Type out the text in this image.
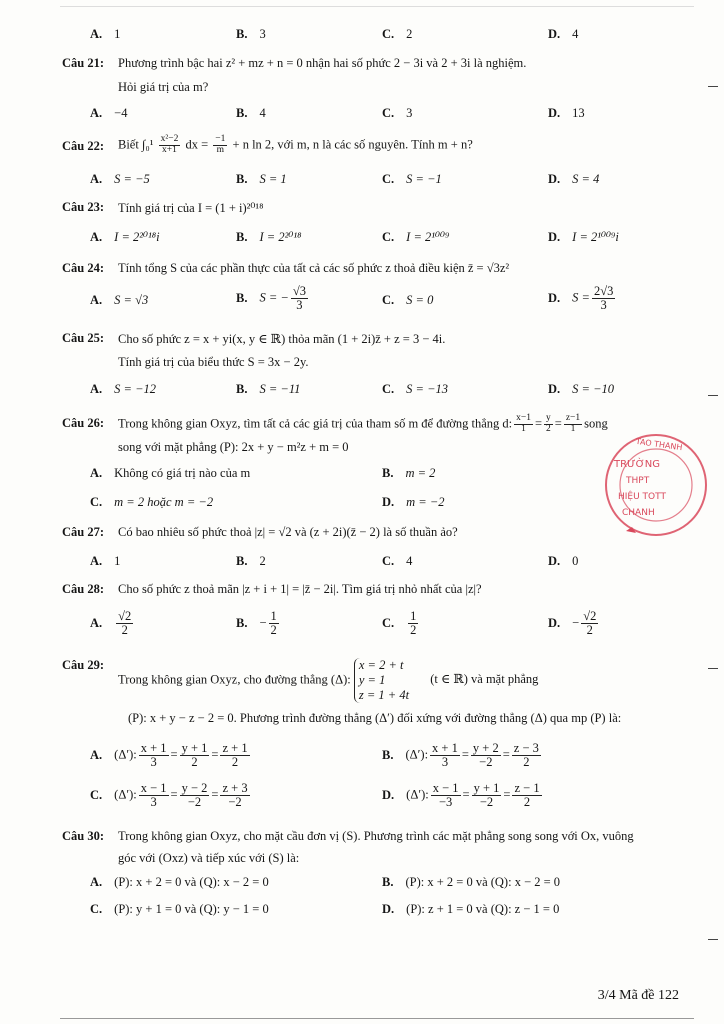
A. 1	B. 3	C. 2	D. 4
Câu 21: Phương trình bậc hai z² + mz + n = 0 nhận hai số phức 2 − 3i và 2 + 3i là nghiệm.
Hỏi giá trị của m?
A. −4	B. 4	C. 3	D. 13
Câu 22: Biết $\int_0^1 \frac{\text{x²−2}}{x+1}$ dx = $\frac{-1}{m} + n$ ln 2, với m, n là các số nguyên. Tính m + n?
A. S = −5	B. S = 1	C. S = −1	D. S = 4
Câu 23: Tính giá trị của I = (1 + i)²⁰¹⁸
A. I = 2²⁰¹⁸i	B. I = 2²⁰¹⁸	C. I = 2¹⁰⁰⁹	D. I = 2¹⁰⁰⁹i
Câu 24: Tính tổng S của các phần thực của tất cả các số phức z thoả điều kiện z̄ = √3z²
A. S = √3	B. S = − $\frac{√3}{3}$	C. S = 0	D. $S = \frac{2√3}{3}$
Câu 25: Cho số phức z = x + yi(x, y ∈ ℝ) thỏa mãn (1 + 2i)z̄ + z = 3 − 4i.
Tính giá trị của biểu thức S = 3x − 2y.
A. S = −12	B. S = −11	C. S = −13	D. S = −10
Câu 26: Trong không gian Oxyz, tìm tất cả các giá trị của tham số m để đường thẳng d: $\frac{x-1}{1} = \frac{y}{2} = \frac{z-1}{1}$ song
song với mặt phẳng (P): 2x + y − m²z + m = 0
A. Không có giá trị nào của m	B. m = 2
C. m = 2 hoặc m = −2	D. m = −2
Câu 27: Có bao nhiêu số phức thoả |z| = √2 và (z + 2i)(z̄ − 2) là số thuần ảo?
A. 1	B. 2	C. 4	D. 0
Câu 28: Cho số phức z thoả mãn |z + i + 1| = |z̄ − 2i|. Tìm giá trị nhỏ nhất của |z|?
A. $\frac{√2}{2}$	B. − $\frac{1}{2}$	C. $\frac{1}{2}$	D. − $\frac{√2}{2}$
Câu 29:
Trong không gian Oxyz, cho đường thẳng (Δ):
x = 2 + t
y = 1
z = 1 + 4t
(t ∈ ℝ) và mặt phẳng
(P): x + y − z − 2 = 0. Phương trình đường thẳng (Δ′) đối xứng với đường thẳng (Δ) qua mp (P) là:
A. (Δ′): $\frac{x + 1}{3} = \frac{y + 1}{2} = \frac{z + 1}{2}$	B. (Δ′): $\frac{x + 1}{3} = \frac{y + 2}{-2} = \frac{z - 3}{2}$
C. (Δ′): $\frac{x - 1}{3} = \frac{y - 2}{-2} = \frac{z + 3}{-2}$	D. (Δ′): $\frac{x - 1}{-3} = \frac{y + 1}{-2} = \frac{z - 1}{2}$
Câu 30: Trong không gian Oxyz, cho mặt cầu đơn vị (S). Phương trình các mặt phẳng song song với Ox, vuông
góc với (Oxz) và tiếp xúc với (S) là:
A. (P): x + 2 = 0 và (Q): x − 2 = 0	B. (P): x + 2 = 0 và (Q): x − 2 = 0
C. (P): y + 1 = 0 và (Q): y − 1 = 0	D. (P): z + 1 = 0 và (Q): z − 1 = 0
TAO THANH
TRƯỜNG
THPT
HIỆU TOTT
CHANH
3/4 Mã đề 122
